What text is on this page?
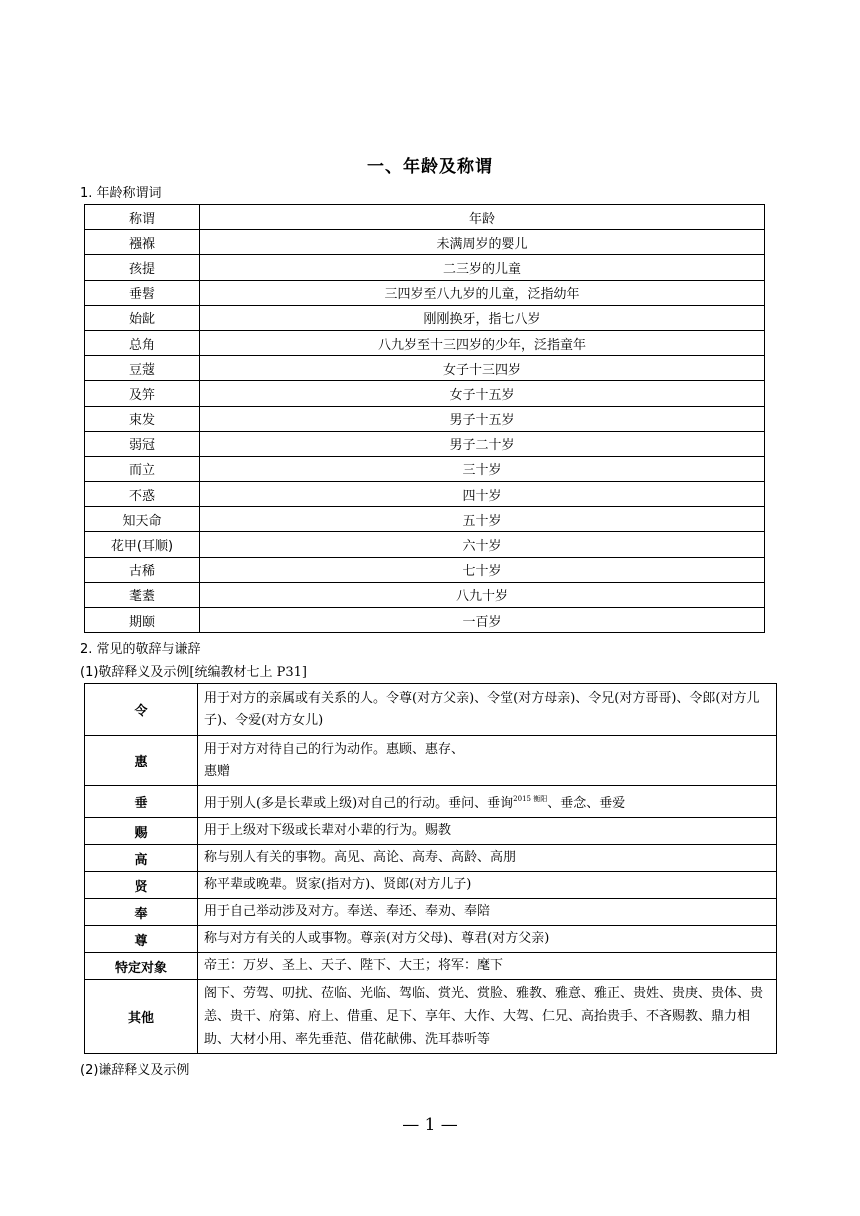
一、年龄及称谓
1. 年龄称谓词
称谓	年龄
襁褓	未满周岁的婴儿
孩提	二三岁的儿童
垂髫	三四岁至八九岁的儿童，泛指幼年
始龀	刚刚换牙，指七八岁
总角	八九岁至十三四岁的少年，泛指童年
豆蔻	女子十三四岁
及笄	女子十五岁
束发	男子十五岁
弱冠	男子二十岁
而立	三十岁
不惑	四十岁
知天命	五十岁
花甲(耳顺)	六十岁
古稀	七十岁
耄耋	八九十岁
期颐	一百岁
2. 常见的敬辞与谦辞
(1)敬辞释义及示例[统编教材七上 P31]
令	用于对方的亲属或有关系的人。令尊(对方父亲)、令堂(对方母亲)、令兄(对方哥哥)、令郎(对方儿子)、令爱(对方女儿)
惠	用于对方对待自己的行为动作。惠顾、惠存、
惠赠
垂	用于别人(多是长辈或上级)对自己的行动。垂问、垂询$^{2015 衡阳}$、垂念、垂爱
赐	用于上级对下级或长辈对小辈的行为。赐教
高	称与别人有关的事物。高见、高论、高寿、高龄、高朋
贤	称平辈或晚辈。贤家(指对方)、贤郎(对方儿子)
奉	用于自己举动涉及对方。奉送、奉还、奉劝、奉陪
尊	称与对方有关的人或事物。尊亲(对方父母)、尊君(对方父亲)
特定对象	帝王：万岁、圣上、天子、陛下、大王；将军：麾下
其他	阁下、劳驾、叨扰、莅临、光临、驾临、赏光、赏脸、雅教、雅意、雅正、贵姓、贵庚、贵体、贵恙、贵干、府第、府上、借重、足下、享年、大作、大驾、仁兄、高抬贵手、不吝赐教、鼎力相助、大材小用、率先垂范、借花献佛、洗耳恭听等
(2)谦辞释义及示例
— 1 —
